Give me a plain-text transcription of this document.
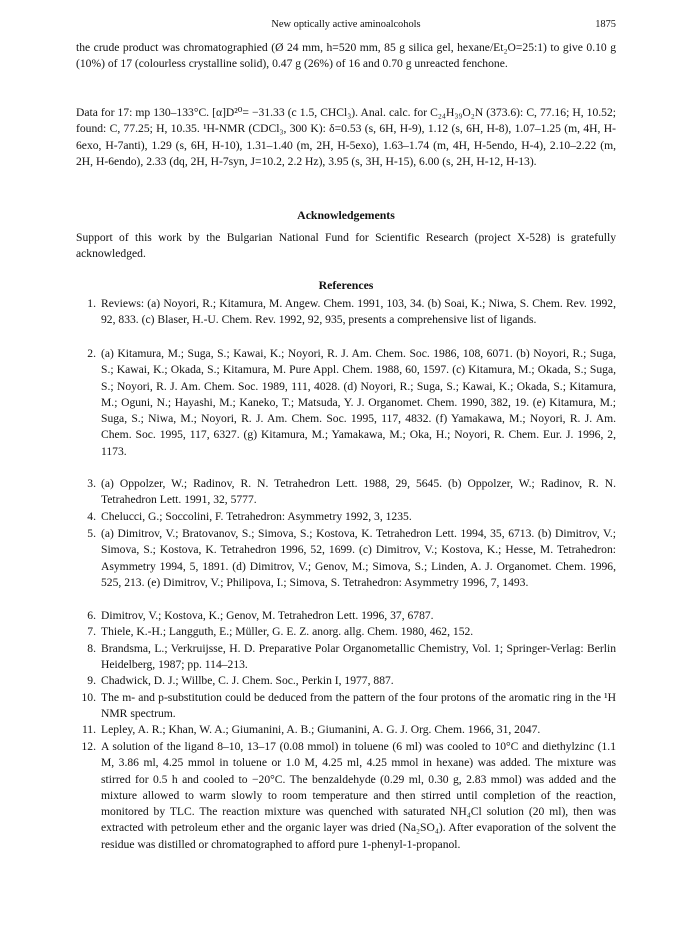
New optically active aminoalcohols	1875
the crude product was chromatographied (Ø 24 mm, h=520 mm, 85 g silica gel, hexane/Et₂O=25:1) to give 0.10 g (10%) of 17 (colourless crystalline solid), 0.47 g (26%) of 16 and 0.70 g unreacted fenchone.
Data for 17: mp 130–133°C. [α]D²⁰= −31.33 (c 1.5, CHCl₃). Anal. calc. for C₂₄H₃₉O₂N (373.6): C, 77.16; H, 10.52; found: C, 77.25; H, 10.35. ¹H-NMR (CDCl₃, 300 K): δ=0.53 (s, 6H, H-9), 1.12 (s, 6H, H-8), 1.07–1.25 (m, 4H, H-6exo, H-7anti), 1.29 (s, 6H, H-10), 1.31–1.40 (m, 2H, H-5exo), 1.63–1.74 (m, 4H, H-5endo, H-4), 2.10–2.22 (m, 2H, H-6endo), 2.33 (dq, 2H, H-7syn, J=10.2, 2.2 Hz), 3.95 (s, 3H, H-15), 6.00 (s, 2H, H-12, H-13).
Acknowledgements
Support of this work by the Bulgarian National Fund for Scientific Research (project X-528) is gratefully acknowledged.
References
1. Reviews: (a) Noyori, R.; Kitamura, M. Angew. Chem. 1991, 103, 34. (b) Soai, K.; Niwa, S. Chem. Rev. 1992, 92, 833. (c) Blaser, H.-U. Chem. Rev. 1992, 92, 935, presents a comprehensive list of ligands.
2. (a) Kitamura, M.; Suga, S.; Kawai, K.; Noyori, R. J. Am. Chem. Soc. 1986, 108, 6071. (b) Noyori, R.; Suga, S.; Kawai, K.; Okada, S.; Kitamura, M. Pure Appl. Chem. 1988, 60, 1597. (c) Kitamura, M.; Okada, S.; Suga, S.; Noyori, R. J. Am. Chem. Soc. 1989, 111, 4028. (d) Noyori, R.; Suga, S.; Kawai, K.; Okada, S.; Kitamura, M.; Oguni, N.; Hayashi, M.; Kaneko, T.; Matsuda, Y. J. Organomet. Chem. 1990, 382, 19. (e) Kitamura, M.; Suga, S.; Niwa, M.; Noyori, R. J. Am. Chem. Soc. 1995, 117, 4832. (f) Yamakawa, M.; Noyori, R. J. Am. Chem. Soc. 1995, 117, 6327. (g) Kitamura, M.; Yamakawa, M.; Oka, H.; Noyori, R. Chem. Eur. J. 1996, 2, 1173.
3. (a) Oppolzer, W.; Radinov, R. N. Tetrahedron Lett. 1988, 29, 5645. (b) Oppolzer, W.; Radinov, R. N. Tetrahedron Lett. 1991, 32, 5777.
4. Chelucci, G.; Soccolini, F. Tetrahedron: Asymmetry 1992, 3, 1235.
5. (a) Dimitrov, V.; Bratovanov, S.; Simova, S.; Kostova, K. Tetrahedron Lett. 1994, 35, 6713. (b) Dimitrov, V.; Simova, S.; Kostova, K. Tetrahedron 1996, 52, 1699. (c) Dimitrov, V.; Kostova, K.; Hesse, M. Tetrahedron: Asymmetry 1994, 5, 1891. (d) Dimitrov, V.; Genov, M.; Simova, S.; Linden, A. J. Organomet. Chem. 1996, 525, 213. (e) Dimitrov, V.; Philipova, I.; Simova, S. Tetrahedron: Asymmetry 1996, 7, 1493.
6. Dimitrov, V.; Kostova, K.; Genov, M. Tetrahedron Lett. 1996, 37, 6787.
7. Thiele, K.-H.; Langguth, E.; Müller, G. E. Z. anorg. allg. Chem. 1980, 462, 152.
8. Brandsma, L.; Verkruijsse, H. D. Preparative Polar Organometallic Chemistry, Vol. 1; Springer-Verlag: Berlin Heidelberg, 1987; pp. 114–213.
9. Chadwick, D. J.; Willbe, C. J. Chem. Soc., Perkin I, 1977, 887.
10. The m- and p-substitution could be deduced from the pattern of the four protons of the aromatic ring in the ¹H NMR spectrum.
11. Lepley, A. R.; Khan, W. A.; Giumanini, A. B.; Giumanini, A. G. J. Org. Chem. 1966, 31, 2047.
12. A solution of the ligand 8–10, 13–17 (0.08 mmol) in toluene (6 ml) was cooled to 10°C and diethylzinc (1.1 M, 3.86 ml, 4.25 mmol in toluene or 1.0 M, 4.25 ml, 4.25 mmol in hexane) was added. The mixture was stirred for 0.5 h and cooled to −20°C. The benzaldehyde (0.29 ml, 0.30 g, 2.83 mmol) was added and the mixture allowed to warm slowly to room temperature and then stirred until completion of the reaction, monitored by TLC. The reaction mixture was quenched with saturated NH₄Cl solution (20 ml), then was extracted with petroleum ether and the organic layer was dried (Na₂SO₄). After evaporation of the solvent the residue was distilled or chromatographed to afford pure 1-phenyl-1-propanol.
